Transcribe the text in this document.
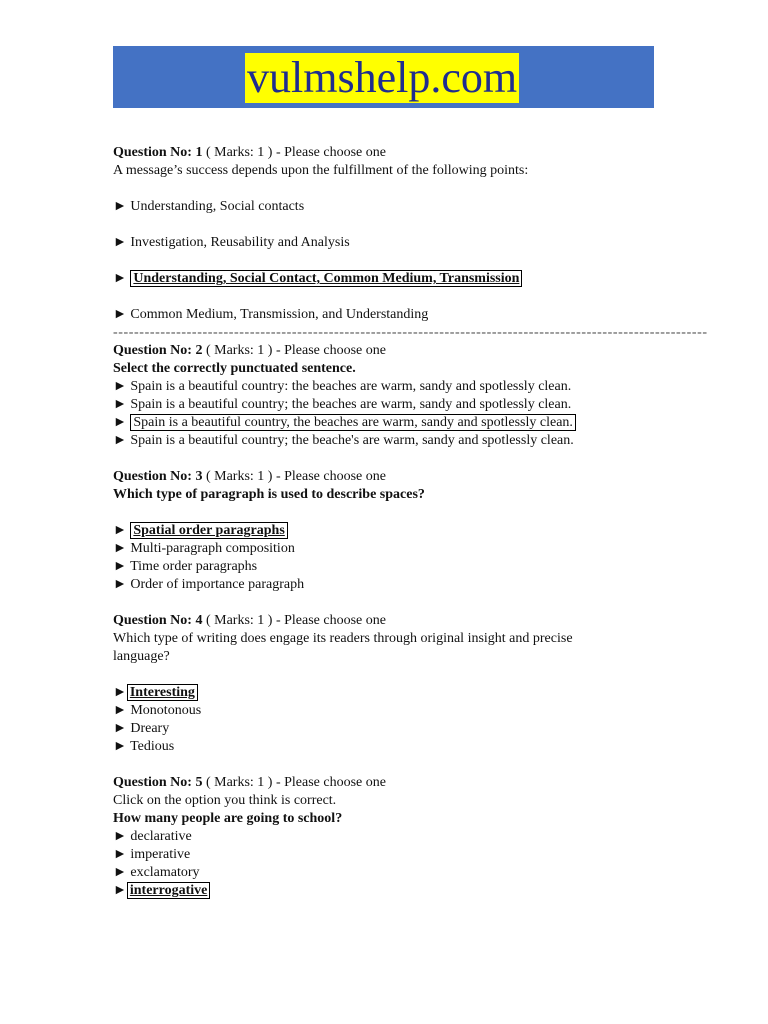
vulmshelp.com
Question No: 1 ( Marks: 1 ) - Please choose one
A message’s success depends upon the fulfillment of the following points:
► Understanding, Social contacts
► Investigation, Reusability and Analysis
► Understanding, Social Contact, Common Medium, Transmission
► Common Medium, Transmission, and Understanding
-----------------------------------------------------------------------------------------------------------------
Question No: 2 ( Marks: 1 ) - Please choose one
Select the correctly punctuated sentence.
► Spain is a beautiful country: the beaches are warm, sandy and spotlessly clean.
► Spain is a beautiful country; the beaches are warm, sandy and spotlessly clean.
► Spain is a beautiful country, the beaches are warm, sandy and spotlessly clean.
► Spain is a beautiful country; the beache's are warm, sandy and spotlessly clean.
Question No: 3 ( Marks: 1 ) - Please choose one
Which type of paragraph is used to describe spaces?
► Spatial order paragraphs
► Multi-paragraph composition
► Time order paragraphs
► Order of importance paragraph
Question No: 4 ( Marks: 1 ) - Please choose one
Which type of writing does engage its readers through original insight and precise
language?
► Interesting
► Monotonous
► Dreary
► Tedious
Question No: 5 ( Marks: 1 ) - Please choose one
Click on the option you think is correct.
How many people are going to school?
► declarative
► imperative
► exclamatory
► interrogative
